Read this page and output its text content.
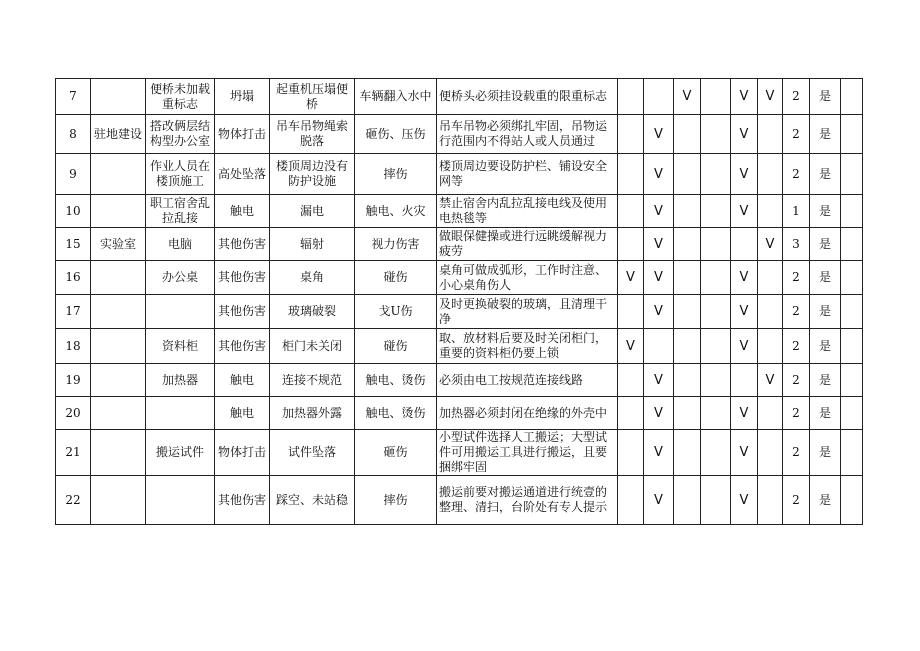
7		便桥未加载重标志	坍塌	起重机压塌便桥	车辆翻入水中	便桥头必须挂设载重的限重标志			V		V	V	2	是	
8	驻地建设	搭改俩层结构型办公室	物体打击	吊车吊物绳索脱落	砸伤、压伤	吊车吊物必须绑扎牢固，吊物运行范围内不得站人或人员通过		V			V		2	是	
9		作业人员在楼顶施工	高处坠落	楼顶周边没有防护设施	摔伤	楼顶周边要设防护栏、铺设安全网等		V			V		2	是	
10		职工宿舍乱拉乱接	触电	漏电	触电、火灾	禁止宿舍内乱拉乱接电线及使用电热毯等		V			V		1	是	
15	实验室	电脑	其他伤害	辐射	视力伤害	做眼保健操或进行远眺缓解视力疲劳		V				V	3	是	
16		办公桌	其他伤害	桌角	碰伤	桌角可做成弧形，工作时注意、小心桌角伤人	V	V			V		2	是	
17			其他伤害	玻璃破裂	戈U伤	及时更换破裂的玻璃，且清理干净		V			V		2	是	
18		资料柜	其他伤害	柜门未关闭	碰伤	取、放材料后要及时关闭柜门，重要的资料柜仍要上锁	V				V		2	是	
19		加热器	触电	连接不规范	触电、烫伤	必须由电工按规范连接线路		V				V	2	是	
20			触电	加热器外露	触电、烫伤	加热器必须封闭在绝缘的外壳中		V			V		2	是	
21		搬运试件	物体打击	试件坠落	砸伤	小型试件选择人工搬运；大型试件可用搬运工具进行搬运，且要捆绑牢固		V			V		2	是	
22			其他伤害	踩空、未站稳	摔伤	搬运前要对搬运通道进行统壹的整理、清扫，台阶处有专人提示		V			V		2	是	
